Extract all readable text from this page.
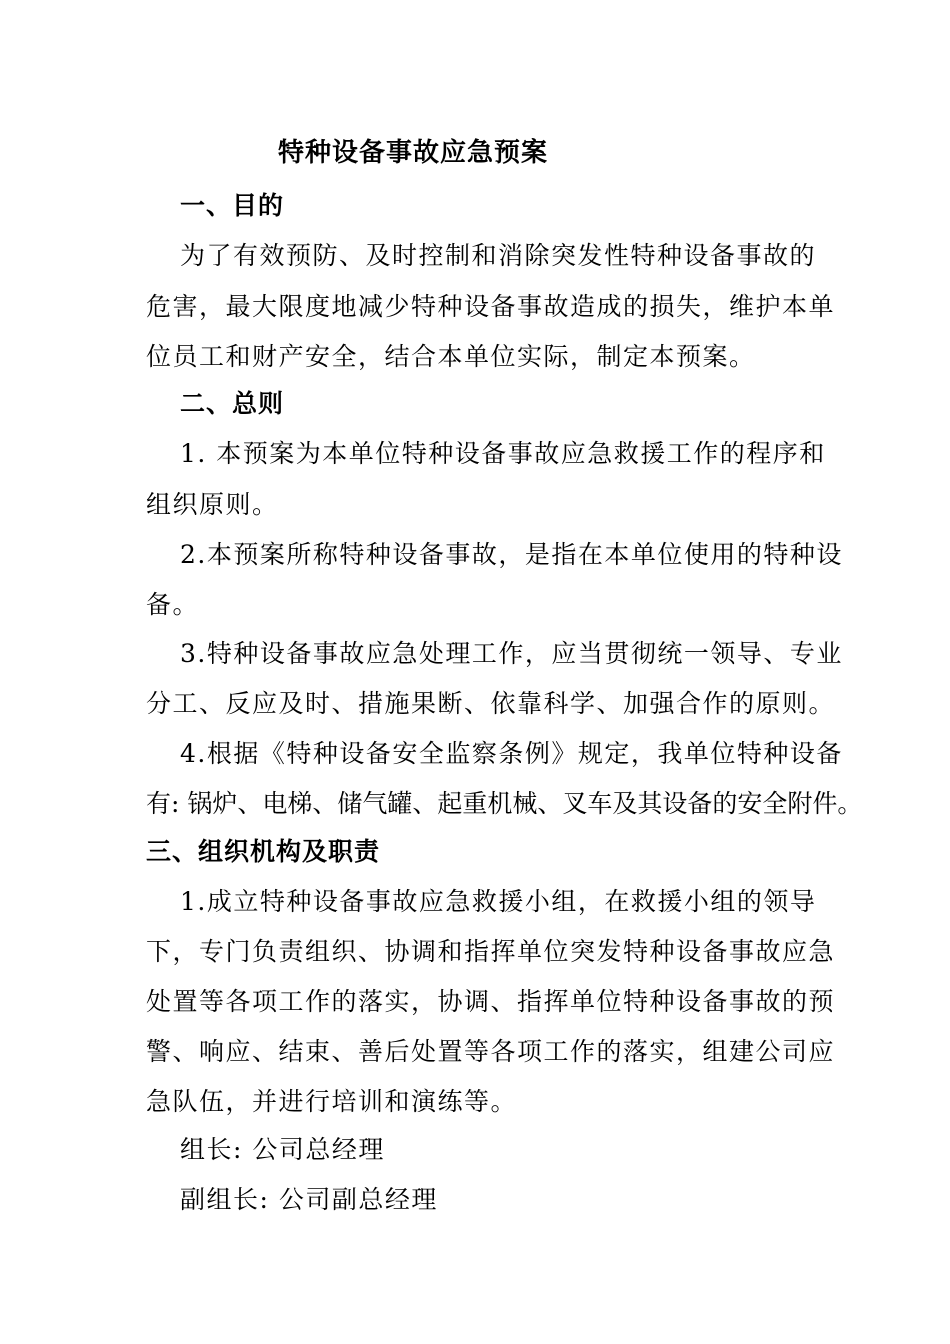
特种设备事故应急预案
一、目的
为了有效预防、及时控制和消除突发性特种设备事故的
危害，最大限度地减少特种设备事故造成的损失，维护本单
位员工和财产安全，结合本单位实际，制定本预案。
二、总则
1. 本预案为本单位特种设备事故应急救援工作的程序和
组织原则。
2.本预案所称特种设备事故，是指在本单位使用的特种设
备。
3.特种设备事故应急处理工作，应当贯彻统一领导、专业
分工、反应及时、措施果断、依靠科学、加强合作的原则。
4.根据《特种设备安全监察条例》规定，我单位特种设备
有: 锅炉、电梯、储气罐、起重机械、叉车及其设备的安全附件。
三、组织机构及职责
1.成立特种设备事故应急救援小组，在救援小组的领导
下，专门负责组织、协调和指挥单位突发特种设备事故应急
处置等各项工作的落实，协调、指挥单位特种设备事故的预
警、响应、结束、善后处置等各项工作的落实，组建公司应
急队伍，并进行培训和演练等。
组长: 公司总经理
副组长: 公司副总经理
